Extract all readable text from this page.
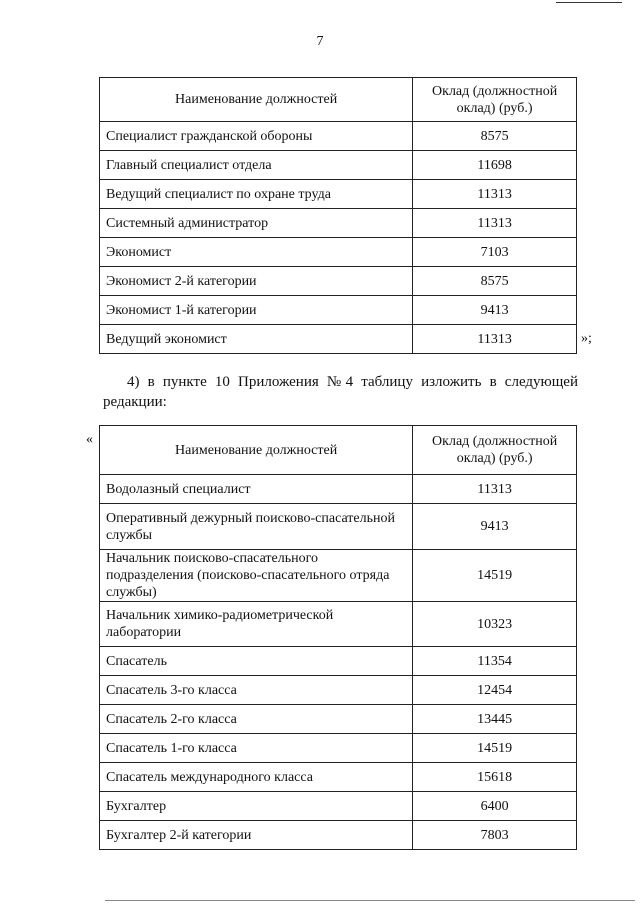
7
Наименование должностей	Оклад (должностной оклад) (руб.)
Специалист гражданской обороны	8575
Главный специалист отдела	11698
Ведущий специалист по охране труда	11313
Системный администратор	11313
Экономист	7103
Экономист 2-й категории	8575
Экономист 1-й категории	9413
Ведущий экономист	11313	»;
4) в пункте 10 Приложения №4 таблицу изложить в следующей
редакции:
«
Наименование должностей	Оклад (должностной оклад) (руб.)
Водолазный специалист	11313
Оперативный дежурный поисково-спасательной службы	9413
Начальник поисково-спасательного подразделения (поисково-спасательного отряда службы)	14519
Начальник химико-радиометрической лаборатории	10323
Спасатель	11354
Спасатель 3-го класса	12454
Спасатель 2-го класса	13445
Спасатель 1-го класса	14519
Спасатель международного класса	15618
Бухгалтер	6400
Бухгалтер 2-й категории	7803
